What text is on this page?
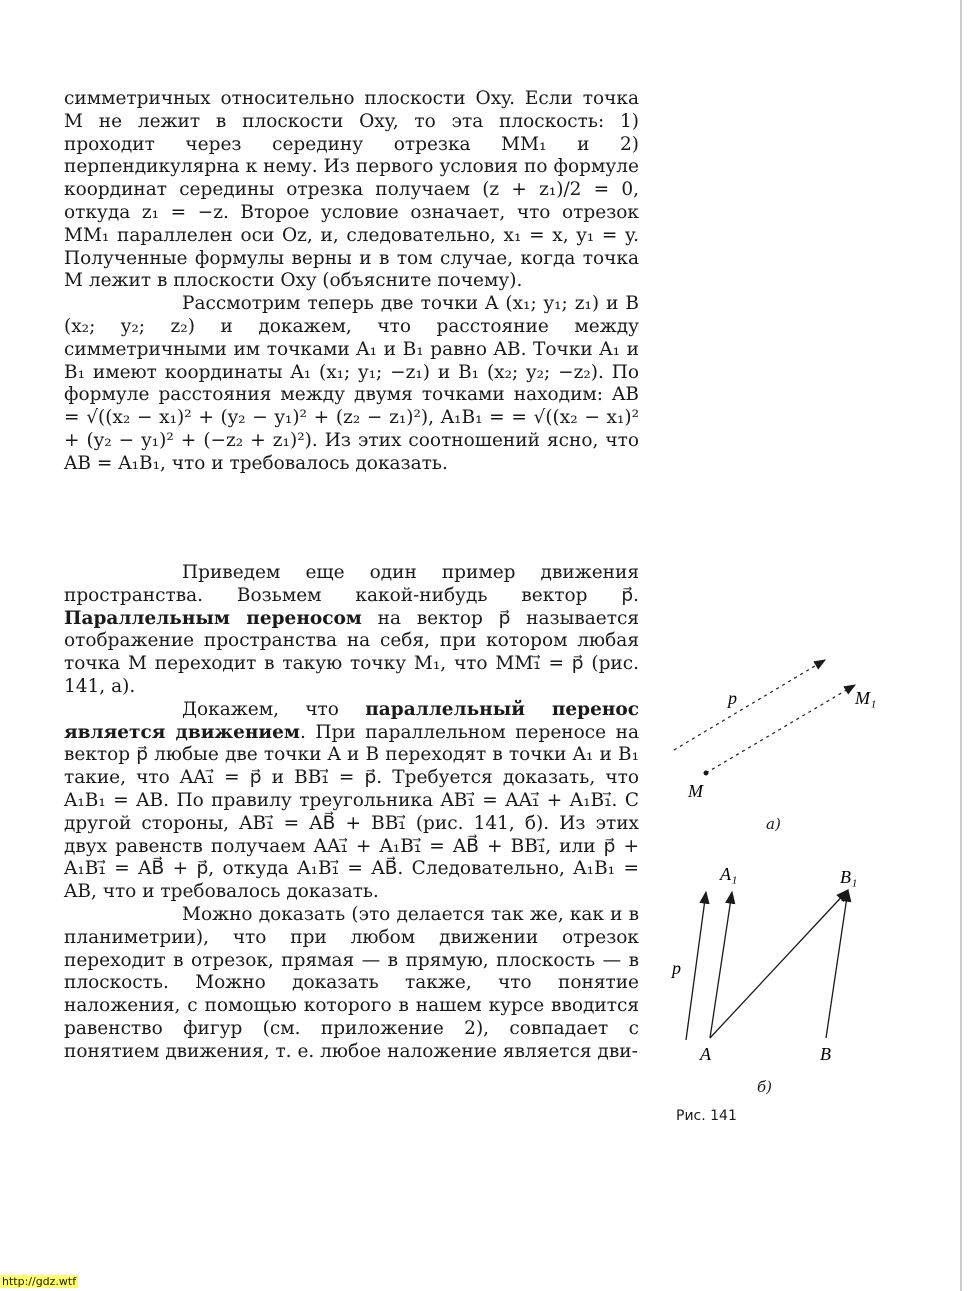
симметричных относительно плоскости Oxy. Если точка M не лежит в плоскости Oxy, то эта плоскость: 1) проходит через середину отрезка MM₁ и 2) перпендикулярна к нему. Из первого условия по формуле координат середины отрезка получаем (z + z₁)/2 = 0, откуда z₁ = −z. Второе условие означает, что отрезок MM₁ параллелен оси Oz, и, следовательно, x₁ = x, y₁ = y. Полученные формулы верны и в том случае, когда точка M лежит в плоскости Oxy (объясните почему).

Рассмотрим теперь две точки A (x₁; y₁; z₁) и B (x₂; y₂; z₂) и докажем, что расстояние между симметричными им точками A₁ и B₁ равно AB. Точки A₁ и B₁ имеют координаты A₁ (x₁; y₁; −z₁) и B₁ (x₂; y₂; −z₂). По формуле расстояния между двумя точками находим: AB = √((x₂ − x₁)² + (y₂ − y₁)² + (z₂ − z₁)²), A₁B₁ = = √((x₂ − x₁)² + (y₂ − y₁)² + (−z₂ + z₁)²). Из этих соотношений ясно, что AB = A₁B₁, что и требовалось доказать.

Приведем еще один пример движения пространства. Возьмем какой-нибудь вектор p⃗. Параллельным переносом на вектор p⃗ называется отображение пространства на себя, при котором любая точка M переходит в такую точку M₁, что MM₁⃗ = p⃗ (рис. 141, а).

Докажем, что параллельный перенос является движением. При параллельном переносе на вектор p⃗ любые две точки A и B переходят в точки A₁ и B₁ такие, что AA₁⃗ = p⃗ и BB₁⃗ = p⃗. Требуется доказать, что A₁B₁ = AB. По правилу треугольника AB₁⃗ = AA₁⃗ + A₁B₁⃗. С другой стороны, AB₁⃗ = AB⃗ + BB₁⃗ (рис. 141, б). Из этих двух равенств получаем AA₁⃗ + A₁B₁⃗ = AB⃗ + BB₁⃗, или p⃗ + A₁B₁⃗ = AB⃗ + p⃗, откуда A₁B₁⃗ = AB⃗. Следовательно, A₁B₁ = AB, что и требовалось доказать.

Можно доказать (это делается так же, как и в планиметрии), что при любом движении отрезок переходит в отрезок, прямая — в прямую, плоскость — в плоскость. Можно доказать также, что понятие наложения, с помощью которого в нашем курсе вводится равенство фигур (см. приложение 2), совпадает с понятием движения, т. е. любое наложение является дви-

p⃗
M
M₁
A₁	B₁
A	B
p⃗
а)
б)
Рис. 141
http://gdz.wtf
